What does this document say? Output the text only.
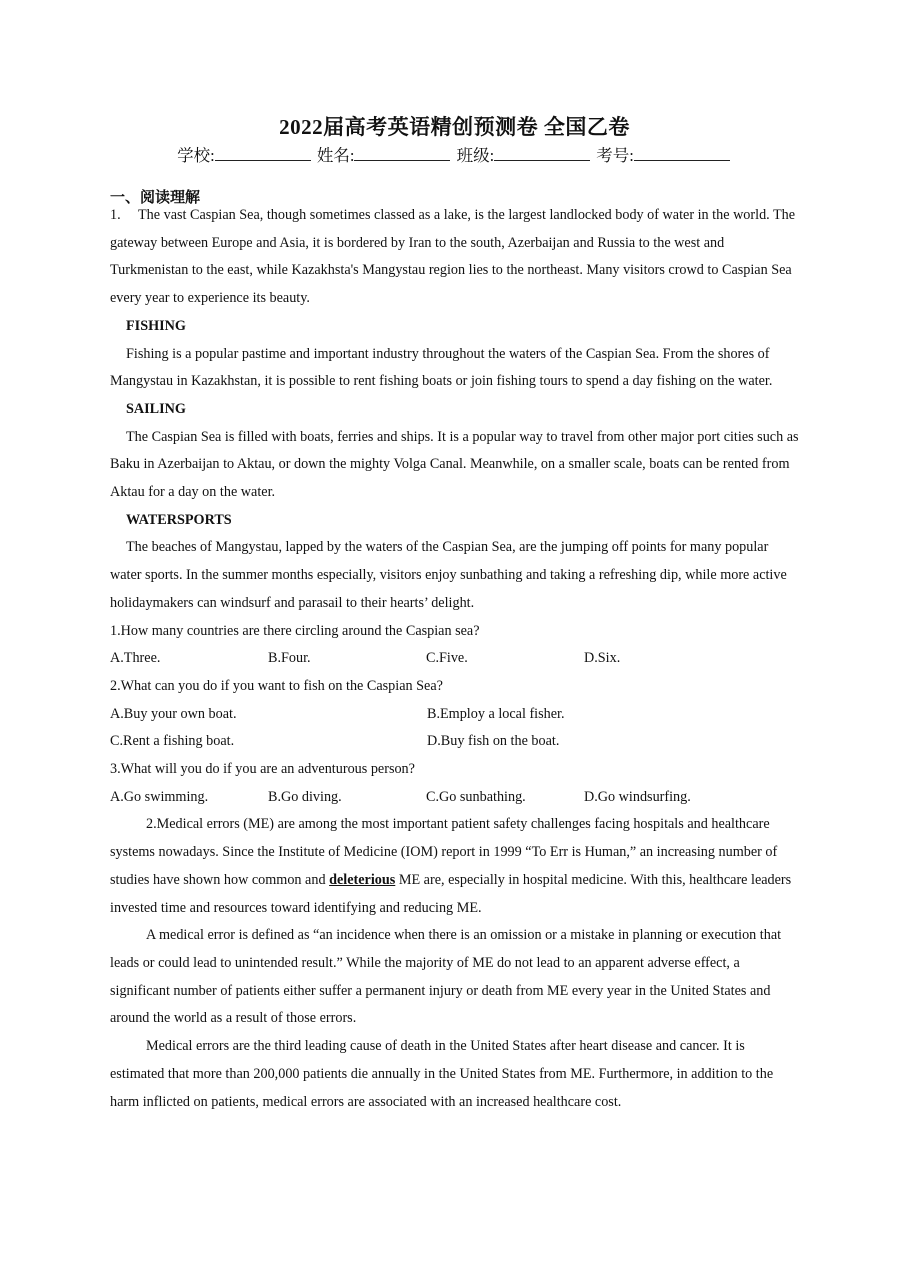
2022届高考英语精创预测卷 全国乙卷
学校:	姓名:	班级:	考号:
一、阅读理解

1. The vast Caspian Sea, though sometimes classed as a lake, is the largest landlocked body of water in the world. The gateway between Europe and Asia, it is bordered by Iran to the south, Azerbaijan and Russia to the west and Turkmenistan to the east, while Kazakhsta's Mangystau region lies to the northeast. Many visitors crowd to Caspian Sea every year to experience its beauty.

FISHING

Fishing is a popular pastime and important industry throughout the waters of the Caspian Sea. From the shores of Mangystau in Kazakhstan, it is possible to rent fishing boats or join fishing tours to spend a day fishing on the water.

SAILING

The Caspian Sea is filled with boats, ferries and ships. It is a popular way to travel from other major port cities such as Baku in Azerbaijan to Aktau, or down the mighty Volga Canal. Meanwhile, on a smaller scale, boats can be rented from Aktau for a day on the water.

WATERSPORTS

The beaches of Mangystau, lapped by the waters of the Caspian Sea, are the jumping off points for many popular water sports. In the summer months especially, visitors enjoy sunbathing and taking a refreshing dip, while more active holidaymakers can windsurf and parasail to their hearts’ delight.

1.How many countries are there circling around the Caspian sea?

A.Three.	B.Four.	C.Five.	D.Six.

2.What can you do if you want to fish on the Caspian Sea?

A.Buy your own boat.	B.Employ a local fisher.
C.Rent a fishing boat.	D.Buy fish on the boat.

3.What will you do if you are an adventurous person?

A.Go swimming.	B.Go diving.	C.Go sunbathing.	D.Go windsurfing.

2.Medical errors (ME) are among the most important patient safety challenges facing hospitals and healthcare systems nowadays. Since the Institute of Medicine (IOM) report in 1999 “To Err is Human,” an increasing number of studies have shown how common and deleterious ME are, especially in hospital medicine. With this, healthcare leaders invested time and resources toward identifying and reducing ME.

A medical error is defined as “an incidence when there is an omission or a mistake in planning or execution that leads or could lead to unintended result.” While the majority of ME do not lead to an apparent adverse effect, a significant number of patients either suffer a permanent injury or death from ME every year in the United States and around the world as a result of those errors.

Medical errors are the third leading cause of death in the United States after heart disease and cancer. It is estimated that more than 200,000 patients die annually in the United States from ME. Furthermore, in addition to the harm inflicted on patients, medical errors are associated with an increased healthcare cost.
